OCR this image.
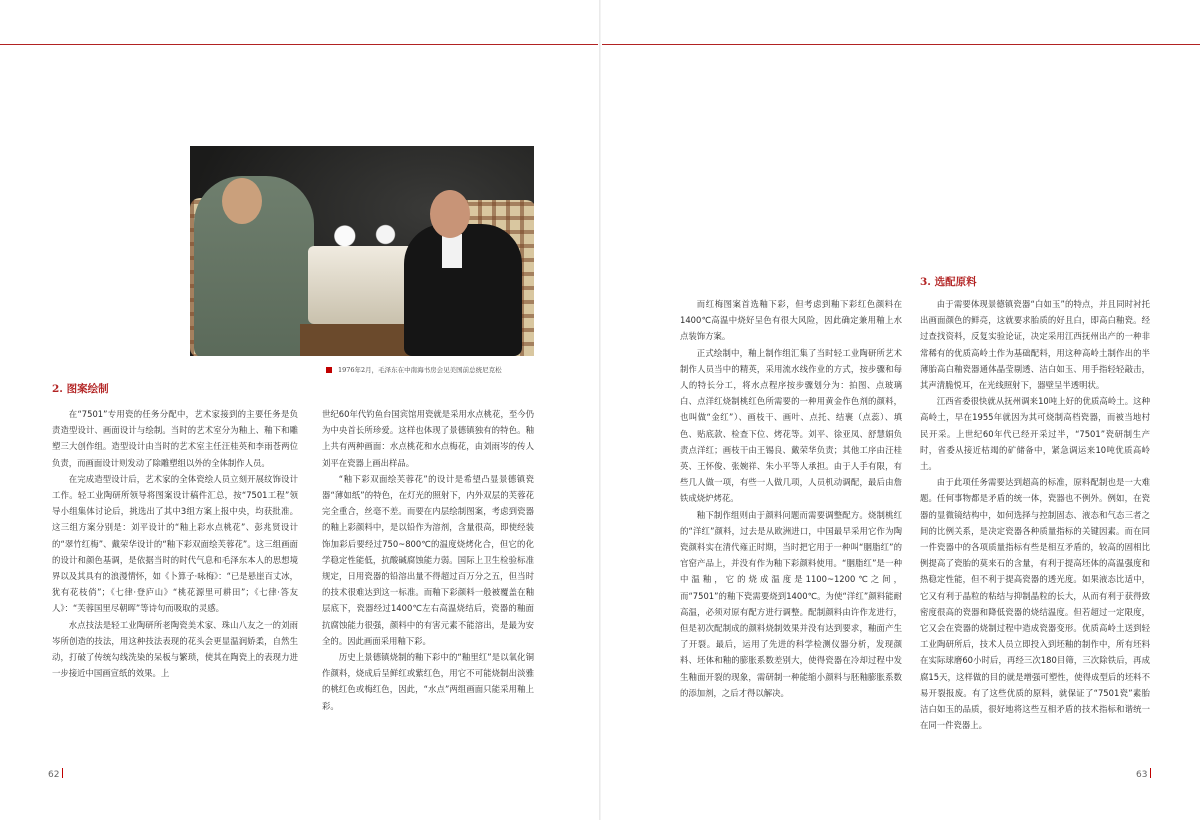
1976年2月，毛泽东在中南海书房会见美国前总统尼克松
2. 图案绘制

在“7501”专用瓷的任务分配中，艺术家接到的主要任务是负责造型设计、画面设计与绘制。当时的艺术室分为釉上、釉下和雕塑三大创作组。造型设计由当时的艺术室主任汪桂英和李雨苍两位负责，而画面设计则发动了除雕塑组以外的全体制作人员。

在完成造型设计后，艺术家的全体瓷绘人员立刻开展纹饰设计工作。轻工业陶研所领导将图案设计稿件汇总，按“7501工程”领导小组集体讨论后，挑选出了其中3组方案上报中央，均获批准。这三组方案分别是：刘平设计的“釉上彩水点桃花”、彭兆贤设计的“翠竹红梅”、戴荣华设计的“釉下彩双面绘芙蓉花”。这三组画面的设计和颜色基调，是依据当时的时代气息和毛泽东本人的思想境界以及其具有的浪漫情怀，如《卜算子·咏梅》：“已是悬崖百丈冰，犹有花枝俏”；《七律·登庐山》“桃花源里可耕田”；《七律·答友人》：“芙蓉国里尽朝晖”等诗句而吸取的灵感。

水点技法是轻工业陶研所老陶瓷美术家、珠山八友之一的刘雨岑所创造的技法，用这种技法表现的花头会更显温润娇柔，自然生动，打破了传统勾线洗染的呆板与繁琐，使其在陶瓷上的表现力进一步接近中国画宣纸的效果。上

世纪60年代钓鱼台国宾馆用瓷就是采用水点桃花，至今仍为中央首长所珍爱。这样也体现了景德镇独有的特色。釉上共有两种画面：水点桃花和水点梅花，由刘雨岑的传人刘平在瓷器上画出样品。

“釉下彩双面绘芙蓉花”的设计是希望凸显景德镇瓷器“薄如纸”的特色，在灯光的照射下，内外双层的芙蓉花完全重合，丝毫不差。而要在内层绘制图案，考虑到瓷器的釉上彩颜料中，是以铅作为溶剂，含量很高，即使经装饰加彩后要经过750~800℃的温度烧烤化合，但它的化学稳定性能低，抗酸碱腐蚀能力弱。国际上卫生检验标准规定，日用瓷器的铅溶出量不得超过百万分之五，但当时的技术很难达到这一标准。而釉下彩颜料一般被覆盖在釉层底下，瓷器经过1400℃左右高温烧结后，瓷器的釉面抗腐蚀能力很强，颜料中的有害元素不能溶出，是最为安全的。因此画面采用釉下彩。

历史上景德镇烧制的釉下彩中的“釉里红”是以氧化铜作颜料，烧成后呈鲜红或紫红色，用它不可能烧制出淡雅的桃红色或梅红色，因此，“水点”两组画面只能采用釉上彩。

62

而红梅图案首选釉下彩，但考虑到釉下彩红色颜料在1400℃高温中烧好呈色有很大风险，因此确定兼用釉上水点装饰方案。

正式绘制中，釉上制作组汇集了当时轻工业陶研所艺术制作人员当中的精英，采用流水线作业的方式，按步骤和每人的特长分工，将水点程序按步骤划分为：拍图、点玻璃白、点洋红烧制桃红色所需要的一种用黄金作色剂的颜料，也叫做“金红”）、画枝干、画叶、点托、结裹（点蕊）、填色、贴底款、检查下位、烤花等。刘平、徐亚凤、舒慧娟负责点洋红；画枝干由王锡良、戴荣华负责；其他工序由汪桂英、王怀俊、张婉祥、朱小平等人承担。由于人手有限，有些几人做一项，有些一人做几项，人员机动调配，最后由詹铁成烧炉烤花。

釉下制作组则由于颜料问题而需要调整配方。烧制桃红的“洋红”颜料，过去是从欧洲进口，中国最早采用它作为陶瓷颜料实在清代雍正时期，当时把它用于一种叫“胭脂红”的官窑产品上，并没有作为釉下彩颜料使用。“胭脂红”是一种中温釉，它的烧成温度是1100~1200℃之间，而“7501”的釉下瓷需要烧到1400℃。为使“洋红”颜料能耐高温，必须对原有配方进行调整。配制颜料由许作龙进行，但是初次配制成的颜料烧制效果并没有达到要求，釉面产生了开裂。最后，运用了先进的科学检测仪器分析，发现颜料、坯体和釉的膨胀系数差别大，使得瓷器在冷却过程中发生釉面开裂的现象，需研制一种能缩小颜料与胚釉膨胀系数的添加剂，之后才得以解决。

3. 选配原料

由于需要体现景德镇瓷器“白如玉”的特点，并且同时衬托出画面颜色的鲜亮，这就要求胎质的好且白，即高白釉瓷。经过查找资料，反复实验论证，决定采用江西抚州出产的一种非常稀有的优质高岭土作为基础配料，用这种高岭土制作出的半薄胎高白釉瓷器通体晶莹剔透、洁白如玉、用手指轻轻敲击，其声清脆悦耳，在光线照射下，器壁呈半透明状。

江西省委很快就从抚州调来10吨上好的优质高岭土。这种高岭土，早在1955年就因为其可烧制高档瓷器，而被当地村民开采。上世纪60年代已经开采过半，“7501”瓷研制生产时，省委从接近枯竭的矿储备中，紧急调运来10吨优质高岭土。

由于此项任务需要达到超高的标准，原料配制也是一大难题。任何事物都是矛盾的统一体，瓷器也不例外。例如，在瓷器的显微镜结构中，如何选择与控制固态、液态和气态三者之间的比例关系，是决定瓷器各种质量指标的关键因素。而在同一件瓷器中的各项质量指标有些是相互矛盾的，较高的固相比例提高了瓷胎的莫来石的含量，有利于提高坯体的高温强度和热稳定性能，但不利于提高瓷器的透光度。如果液态比适中，它又有利于晶粒的粘结与抑制晶粒的长大，从而有利于获得致密度很高的瓷器和降低瓷器的烧结温度。但若超过一定限度，它又会在瓷器的烧制过程中造成瓷器变形。优质高岭土送到轻工业陶研所后，技术人员立即投入到坯釉的制作中，所有坯料在实际球磨60小时后，再经三次180目筛，三次除铁后，再成腐15天，这样做的目的就是增强可塑性，使得成型后的坯料不易开裂报废。有了这些优质的原料，就保证了“7501瓷”素胎洁白如玉的品质，很好地将这些互相矛盾的技术指标和谐统一在同一件瓷器上。

63
